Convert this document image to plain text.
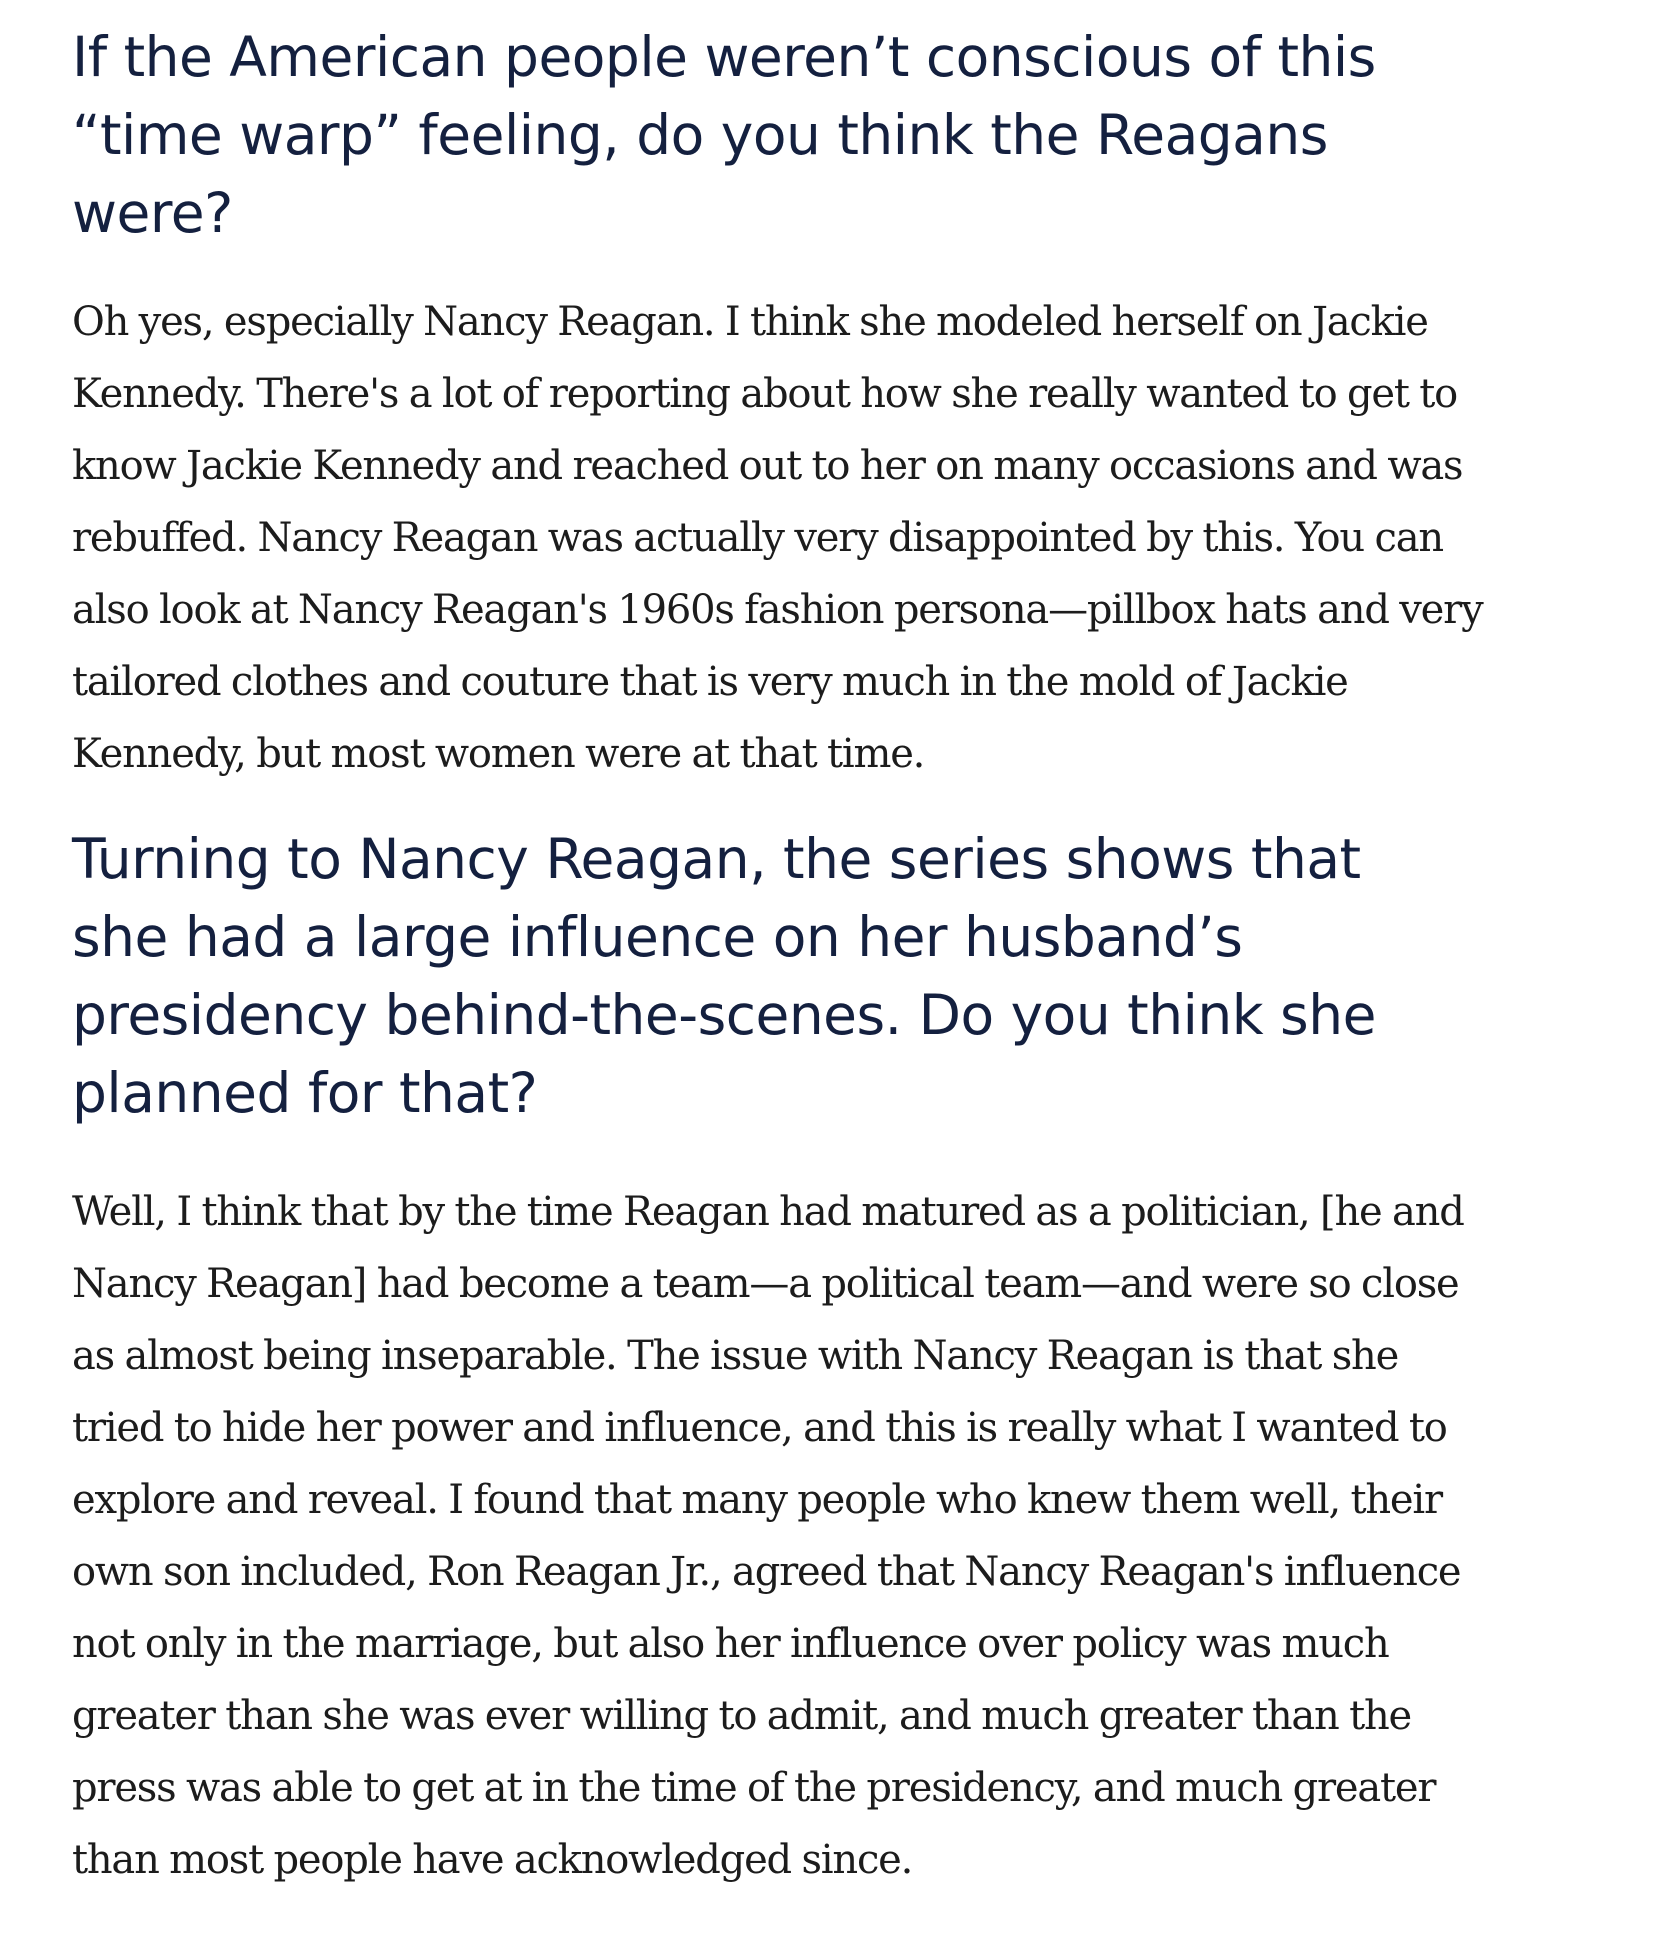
If the American people weren’t conscious of this
“time warp” feeling, do you think the Reagans
were?

Oh yes, especially Nancy Reagan. I think she modeled herself on Jackie
Kennedy. There's a lot of reporting about how she really wanted to get to
know Jackie Kennedy and reached out to her on many occasions and was
rebuffed. Nancy Reagan was actually very disappointed by this. You can
also look at Nancy Reagan's 1960s fashion persona—pillbox hats and very
tailored clothes and couture that is very much in the mold of Jackie
Kennedy, but most women were at that time.

Turning to Nancy Reagan, the series shows that
she had a large influence on her husband’s
presidency behind-the-scenes. Do you think she
planned for that?

Well, I think that by the time Reagan had matured as a politician, [he and
Nancy Reagan] had become a team—a political team—and were so close
as almost being inseparable. The issue with Nancy Reagan is that she
tried to hide her power and influence, and this is really what I wanted to
explore and reveal. I found that many people who knew them well, their
own son included, Ron Reagan Jr., agreed that Nancy Reagan's influence
not only in the marriage, but also her influence over policy was much
greater than she was ever willing to admit, and much greater than the
press was able to get at in the time of the presidency, and much greater
than most people have acknowledged since.
